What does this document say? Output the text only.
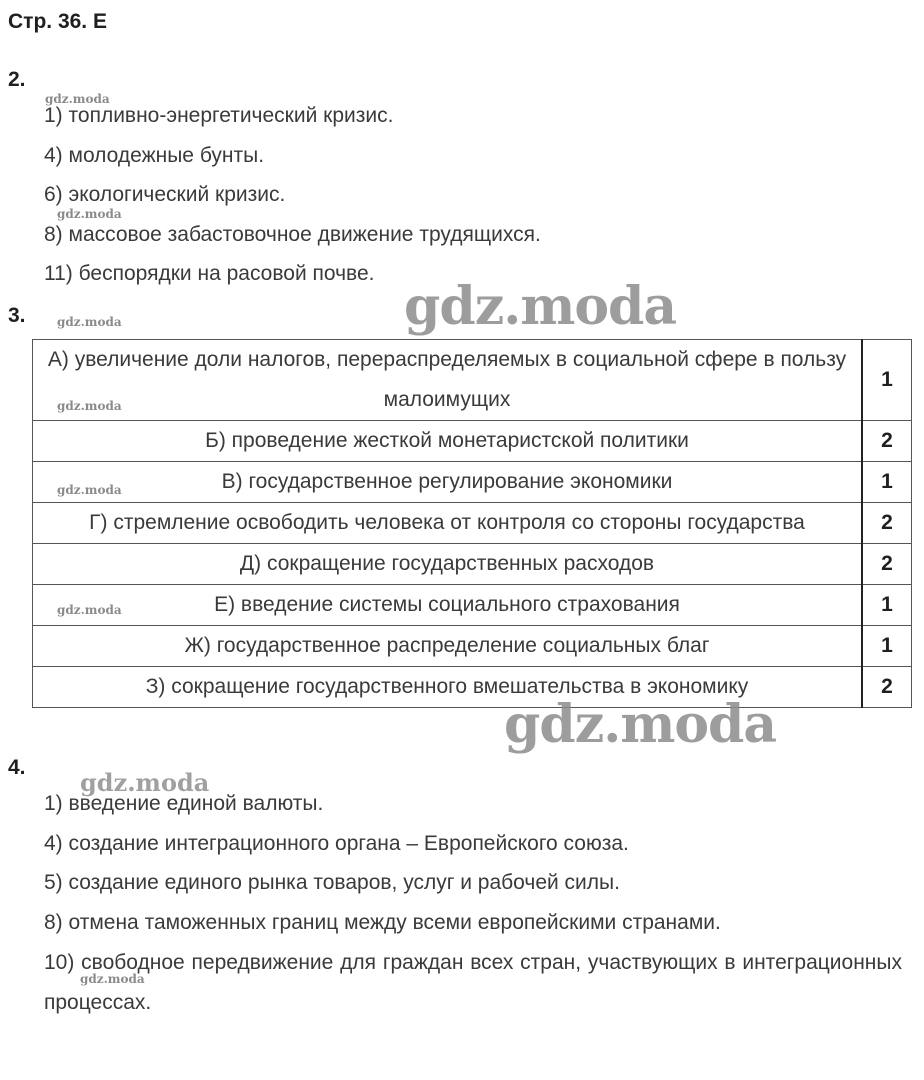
Стр. 36. Ε
2.
gdz.moda
1) топливно-энергетический кризис.
4) молодежные бунты.
6) экологический кризис.
8) массовое забастовочное движение трудящихся.
11) беспорядки на расовой почве.
gdz.moda
3.	gdz.moda	gdz.moda
А) увеличение доли налогов, перераспределяемых в социальной сфере в пользу малоимущих	1
Б) проведение жесткой монетаристской политики	2
В) государственное регулирование экономики	1
Г) стремление освободить человека от контроля со стороны государства	2
Д) сокращение государственных расходов	2
Е) введение системы социального страхования	1
Ж) государственное распределение социальных благ	1
З) сокращение государственного вмешательства в экономику	2
gdz.moda
gdz.moda
gdz.moda
gdz.moda
4.
gdz.moda
1) введение единой валюты.
4) создание интеграционного органа – Европейского союза.
5) создание единого рынка товаров, услуг и рабочей силы.
8) отмена таможенных границ между всеми европейскими странами.
10) свободное передвижение для граждан всех стран, участвующих в интеграционных процессах.
gdz.moda
